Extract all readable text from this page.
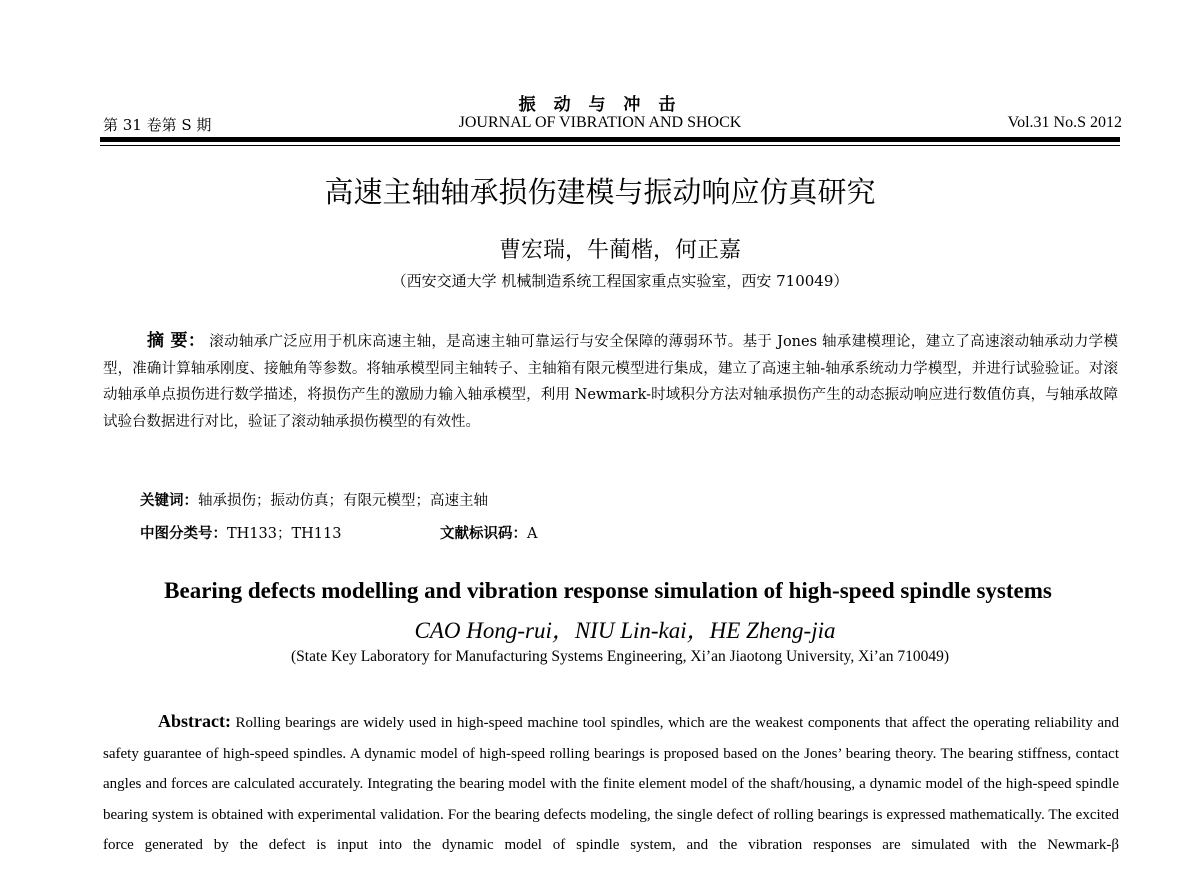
振 动 与 冲 击
第 31 卷第 S 期	JOURNAL OF VIBRATION AND SHOCK	Vol.31 No.S 2012
高速主轴轴承损伤建模与振动响应仿真研究
曹宏瑞，牛蔺楷，何正嘉
（西安交通大学 机械制造系统工程国家重点实验室，西安 710049）
摘 要： 滚动轴承广泛应用于机床高速主轴，是高速主轴可靠运行与安全保障的薄弱环节。基于 Jones 轴承建模理论，建立了高速滚动轴承动力学模型，准确计算轴承刚度、接触角等参数。将轴承模型同主轴转子、主轴箱有限元模型进行集成，建立了高速主轴-轴承系统动力学模型，并进行试验验证。对滚动轴承单点损伤进行数学描述，将损伤产生的激励力输入轴承模型，利用 Newmark-时域积分方法对轴承损伤产生的动态振动响应进行数值仿真，与轴承故障试验台数据进行对比，验证了滚动轴承损伤模型的有效性。
关键词：轴承损伤；振动仿真；有限元模型；高速主轴
中图分类号：TH133；TH113	文献标识码：A
Bearing defects modelling and vibration response simulation of high-speed spindle systems
CAO Hong-rui，NIU Lin-kai，HE Zheng-jia
(State Key Laboratory for Manufacturing Systems Engineering, Xi’an Jiaotong University, Xi’an 710049)
Abstract: Rolling bearings are widely used in high-speed machine tool spindles, which are the weakest components that affect the operating reliability and safety guarantee of high-speed spindles. A dynamic model of high-speed rolling bearings is proposed based on the Jones’ bearing theory. The bearing stiffness, contact angles and forces are calculated accurately. Integrating the bearing model with the finite element model of the shaft/housing, a dynamic model of the high-speed spindle bearing system is obtained with experimental validation. For the bearing defects modeling, the single defect of rolling bearings is expressed mathematically. The excited force generated by the defect is input into the dynamic model of spindle system, and the vibration responses are simulated with the Newmark-β
